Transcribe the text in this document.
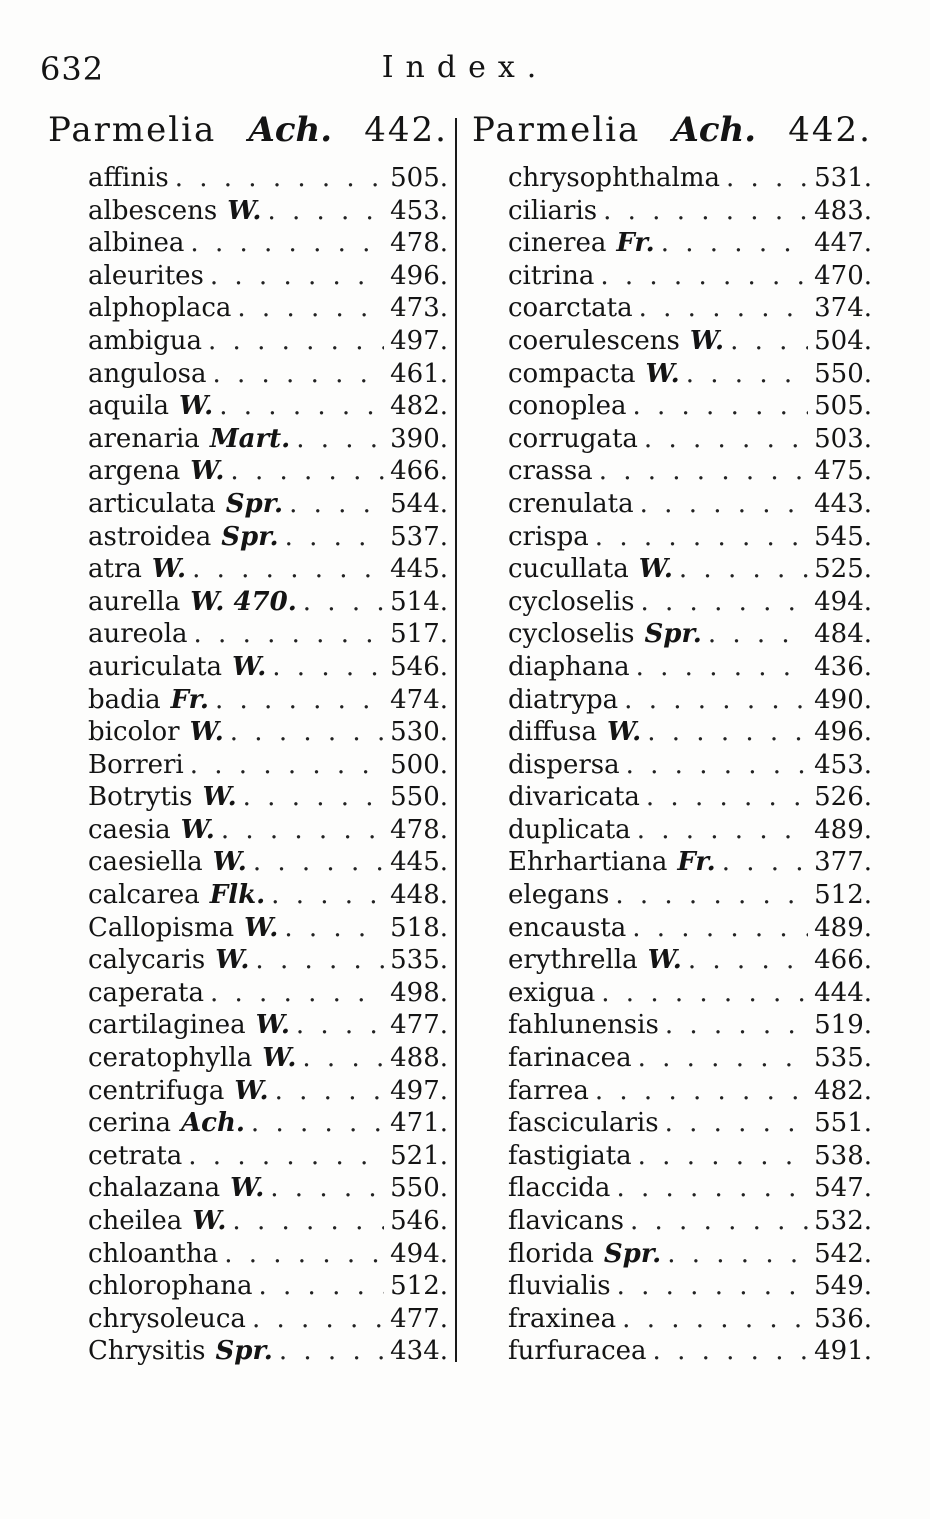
632	Index.
Parmelia Ach. 442.
affinis . . .	505.
albescens W. . . .	453.
albinea . . .	478.
aleurites . . .	496.
alphoplaca . . .	473.
ambigua . . .	497.
angulosa . . .	461.
aquila W. . . .	482.
arenaria Mart. . . .	390.
argena W. . . .	466.
articulata Spr. . . .	544.
astroidea Spr. . . .	537.
atra W. . . .	445.
aurella W. 470. . . .	514.
aureola . . .	517.
auriculata W. . . .	546.
badia Fr. . . .	474.
bicolor W. . . .	530.
Borreri . . .	500.
Botrytis W. . . .	550.
caesia W. . . .	478.
caesiella W. . . .	445.
calcarea Flk. . . .	448.
Callopisma W. . . .	518.
calycaris W. . . .	535.
caperata . . .	498.
cartilaginea W. . . .	477.
ceratophylla W. . . .	488.
centrifuga W. . . .	497.
cerina Ach. . . .	471.
cetrata . . .	521.
chalazana W. . . .	550.
cheilea W. . . .	546.
chloantha . . .	494.
chlorophana . . .	512.
chrysoleuca . . .	477.
Chrysitis Spr. . . .	434.
Parmelia Ach. 442.
chrysophthalma . . .	531.
ciliaris . . .	483.
cinerea Fr. . . .	447.
citrina . . .	470.
coarctata . . .	374.
coerulescens W. . . .	504.
compacta W. . . .	550.
conoplea . . .	505.
corrugata . . .	503.
crassa . . .	475.
crenulata . . .	443.
crispa . . .	545.
cucullata W. . . .	525.
cycloselis . . .	494.
cycloselis Spr. . . .	484.
diaphana . . .	436.
diatrypa . . .	490.
diffusa W. . . .	496.
dispersa . . .	453.
divaricata . . .	526.
duplicata . . .	489.
Ehrhartiana Fr. . . .	377.
elegans . . .	512.
encausta . . .	489.
erythrella W. . . .	466.
exigua . . .	444.
fahlunensis . . .	519.
farinacea . . .	535.
farrea . . .	482.
fascicularis . . .	551.
fastigiata . . .	538.
flaccida . . .	547.
flavicans . . .	532.
florida Spr. . . .	542.
fluvialis . . .	549.
fraxinea . . .	536.
furfuracea . . .	491.
